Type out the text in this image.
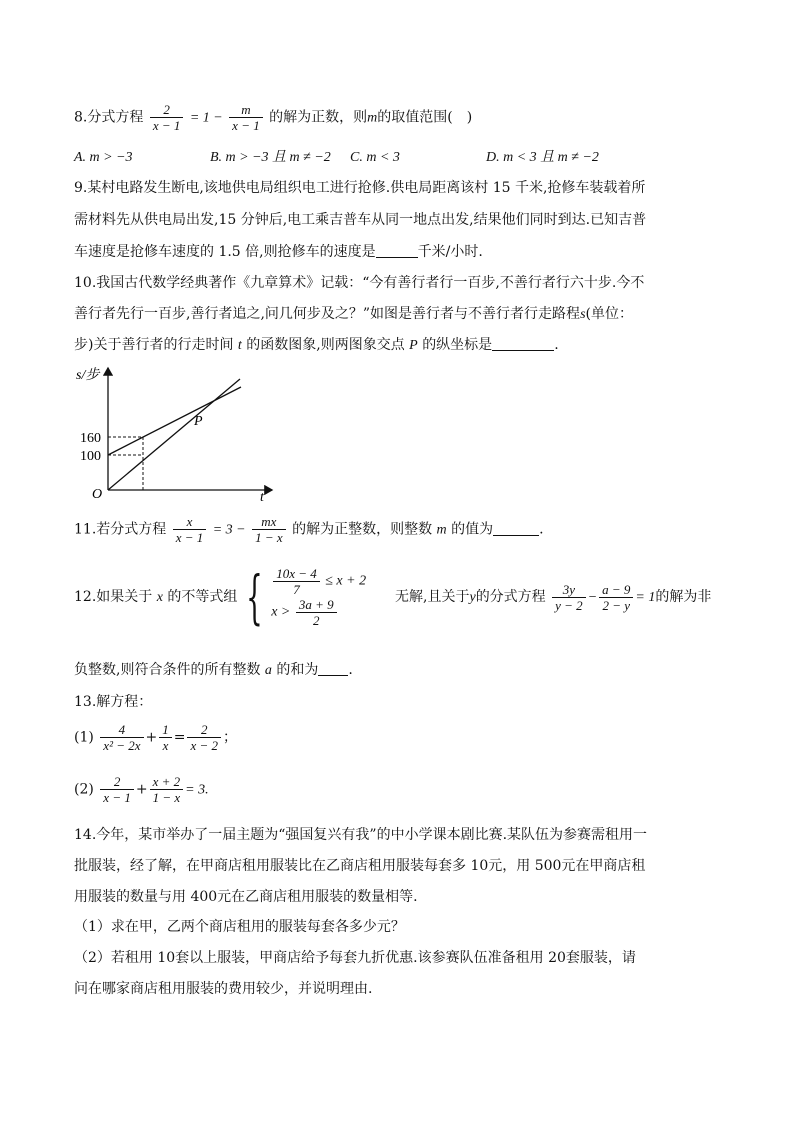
8.分式方程 $\frac{2}{x - 1} = 1 - \frac{m}{x - 1}$ 的解为正数，则m的取值范围( )
A. m > −3	B. m > −3 且 m ≠ −2 C. m < 3	D. m < 3 且 m ≠ −2
9.某村电路发生断电,该地供电局组织电工进行抢修.供电局距离该村 15 千米,抢修车装载着所
需材料先从供电局出发,15 分钟后,电工乘吉普车从同一地点出发,结果他们同时到达.已知吉普
车速度是抢修车速度的 1.5 倍,则抢修车的速度是	千米/小时.
10.我国古代数学经典著作《九章算术》记载：“今有善行者行一百步,不善行者行六十步.今不
善行者先行一百步,善行者追之,问几何步及之？”如图是善行者与不善行者行走路程s(单位：
步)关于善行者的行走时间 t 的函数图象,则两图象交点 P 的纵坐标是	.
s/步
t
O
P
160
100
11.若分式方程 $\frac{x}{x - 1} = 3 - \frac{mx}{1 - x}$ 的解为正整数，则整数 m 的值为	.
12.如果关于 x 的不等式组 { $\frac{10x - 4}{7} \le x + 2$
$x > \frac{3a + 9}{2}$	无解,且关于y的分式方程 $\frac{3y}{y - 2} - \frac{a - 9}{2 - y} = 1$的解为非
负整数,则符合条件的所有整数 a 的和为 .
13.解方程：
$(1) \frac{4}{\text{x² − 2x}} + \frac{1}{x} = \frac{2}{x - 2}$ ；
$(2) \frac{2}{x - 1} + \frac{x + 2}{1 - x} = 3$.
14.今年，某市举办了一届主题为“强国复兴有我”的中小学课本剧比赛.某队伍为参赛需租用一
批服装，经了解，在甲商店租用服装比在乙商店租用服装每套多 10元，用 500元在甲商店租
用服装的数量与用 400元在乙商店租用服装的数量相等.
（1）求在甲，乙两个商店租用的服装每套各多少元？
（2）若租用 10套以上服装，甲商店给予每套九折优惠.该参赛队伍准备租用 20套服装，请
问在哪家商店租用服装的费用较少，并说明理由.
